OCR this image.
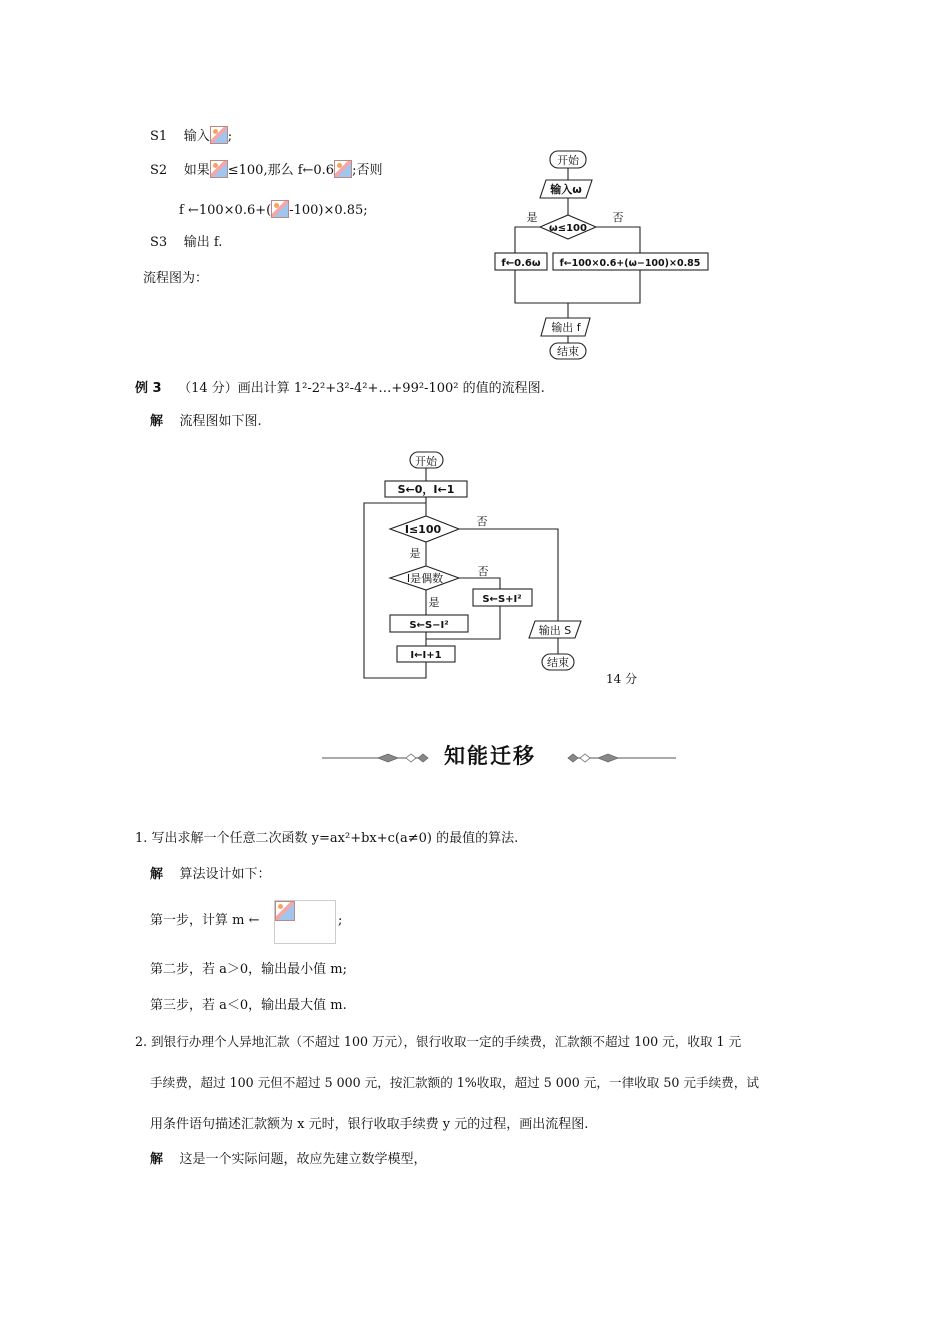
S1 输入 ;
S2 如果 ≤100,那么 f←0.6 ;否则
f ←100×0.6+( -100)×0.85;
S3 输出 f.
流程图为：
开始
输入ω
ω≤100
是	否
f←0.6ω f←100×0.6+(ω−100)×0.85
输出 f
结束
例 3 （14 分）画出计算 1²-2²+3²-4²+…+99²-100² 的值的流程图.
解 流程图如下图.
开始
S←0，I←1
I≤100
否
是
I是偶数
否
是	S←S+I²
S←S−I²
I←I+1
输出 S
结束
14 分
知能迁移
1. 写出求解一个任意二次函数 y=ax²+bx+c(a≠0) 的最值的算法.
解 算法设计如下：
第一步，计算 m ←	;
第二步，若 a＞0，输出最小值 m;
第三步，若 a＜0，输出最大值 m.
2. 到银行办理个人异地汇款（不超过 100 万元），银行收取一定的手续费，汇款额不超过 100 元，收取 1 元
手续费，超过 100 元但不超过 5 000 元，按汇款额的 1%收取，超过 5 000 元，一律收取 50 元手续费，试
用条件语句描述汇款额为 x 元时，银行收取手续费 y 元的过程，画出流程图.
解 这是一个实际问题，故应先建立数学模型，
